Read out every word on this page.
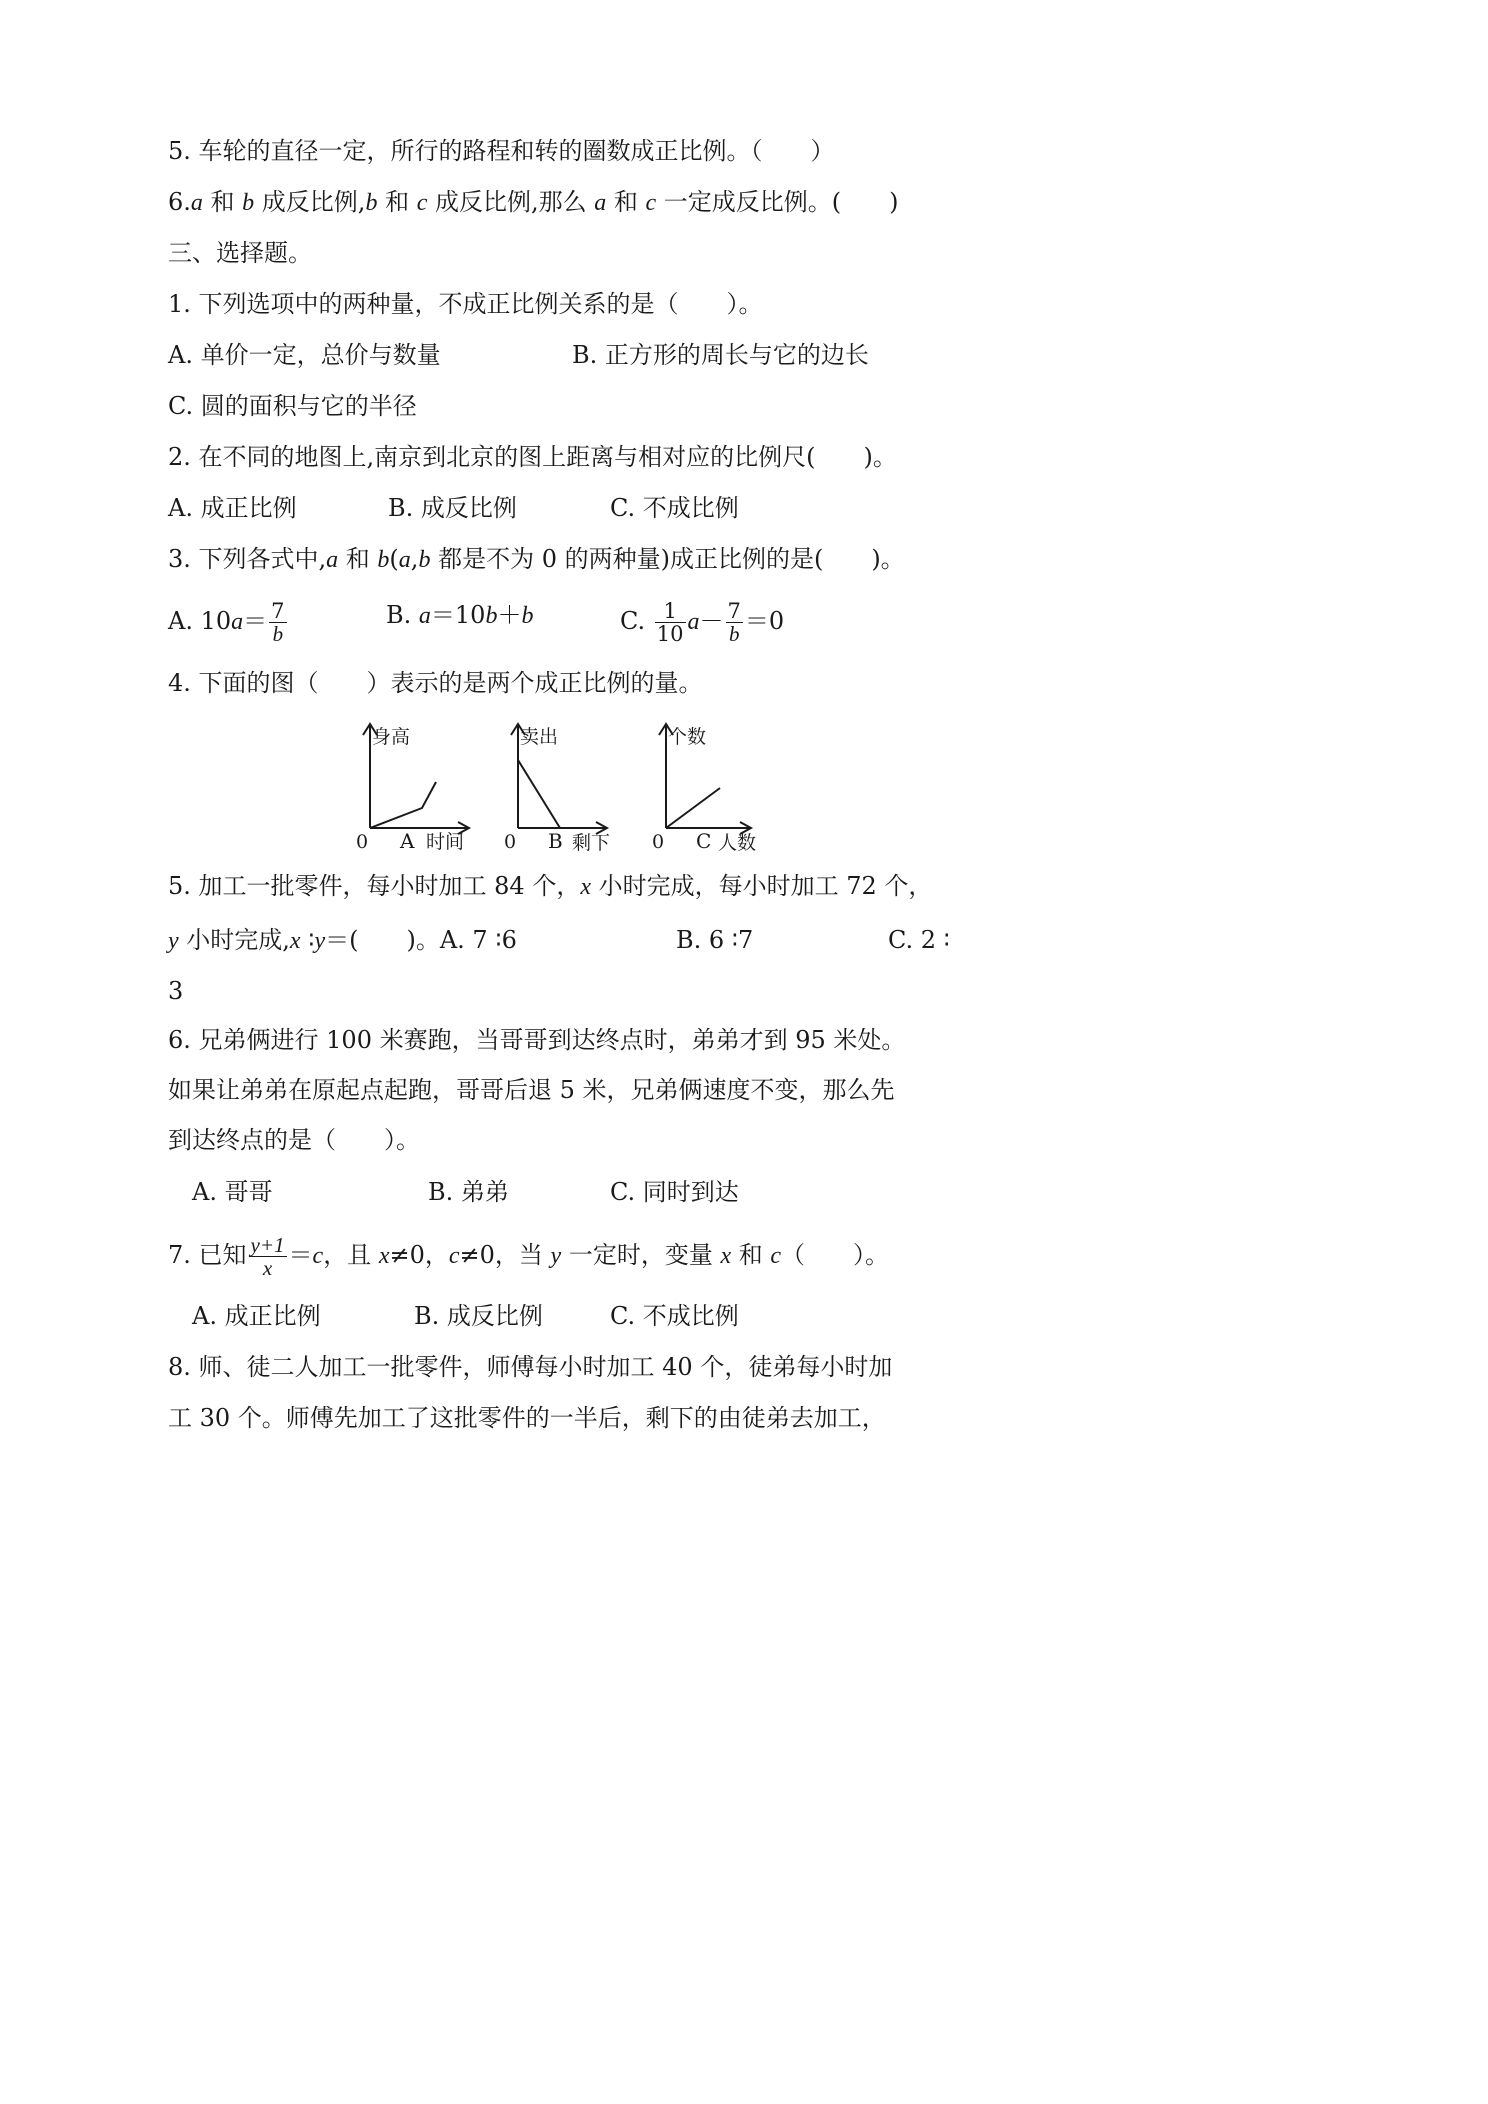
5. 车轮的直径一定，所行的路程和转的圈数成正比例。（　　）
6.a 和 b 成反比例,b 和 c 成反比例,那么 a 和 c 一定成反比例。(　　)
三、选择题。
1. 下列选项中的两种量，不成正比例关系的是（　　）。
A. 单价一定，总价与数量	B. 正方形的周长与它的边长
C. 圆的面积与它的半径
2. 在不同的地图上,南京到北京的图上距离与相对应的比例尺(　　)。
A. 成正比例	B. 成反比例	C. 不成比例
3. 下列各式中,a 和 b(a,b 都是不为 0 的两种量)成正比例的是(　　)。
A. $10a= \frac{7}{b}$	B. a＝10b＋b	C. $\frac{1}{10} a- \frac{7}{b} =0$
4. 下面的图（　　）表示的是两个成正比例的量。
身高
0	时间
卖出
0	剩下
个数
0	人数
A	B	C
5. 加工一批零件，每小时加工 84 个，x 小时完成，每小时加工 72 个，
y 小时完成,x ∶y＝(　　)。A. 7 ∶6	B. 6 ∶7	C. 2 ∶
3
6. 兄弟俩进行 100 米赛跑，当哥哥到达终点时，弟弟才到 95 米处。
如果让弟弟在原起点起跑，哥哥后退 5 米，兄弟俩速度不变，那么先
到达终点的是（　　）。
A. 哥哥	B. 弟弟	C. 同时到达
7. 已知 $\frac{y+1}{x} =c$，且 x≠0，c≠0，当 y 一定时，变量 x 和 c（　　）。
A. 成正比例	B. 成反比例	C. 不成比例
8. 师、徒二人加工一批零件，师傅每小时加工 40 个，徒弟每小时加
工 30 个。师傅先加工了这批零件的一半后，剩下的由徒弟去加工，
